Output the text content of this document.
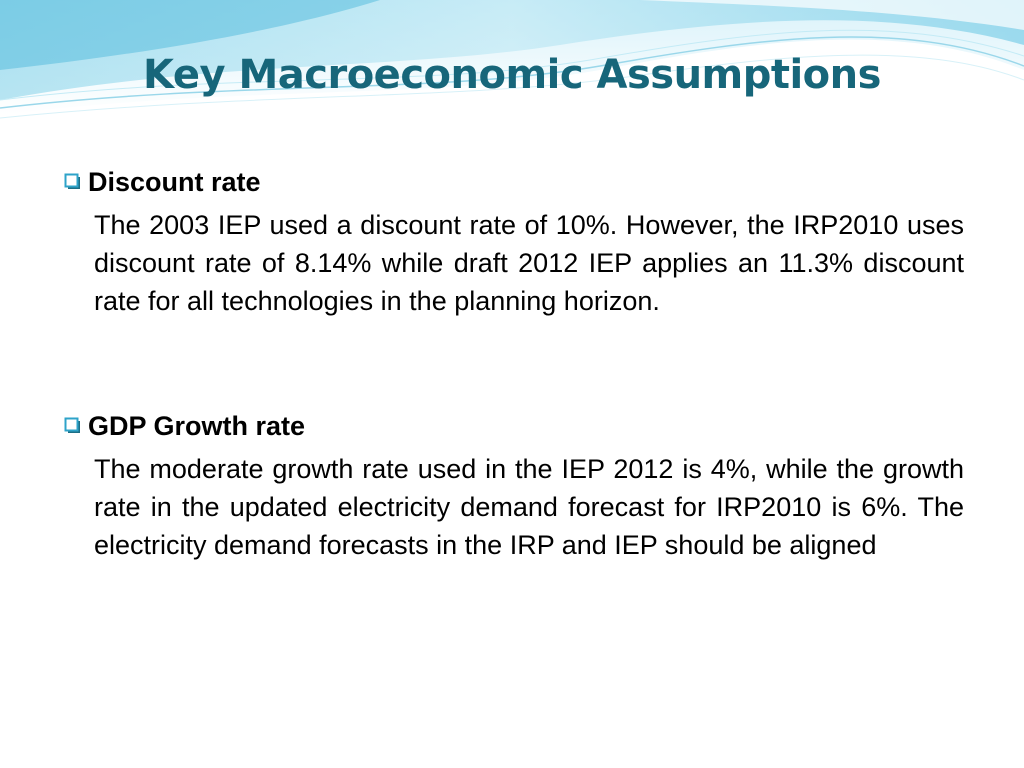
Key Macroeconomic Assumptions
Discount rate

The 2003 IEP used a discount rate of 10%. However, the IRP2010 uses discount rate of 8.14% while draft 2012 IEP applies an 11.3% discount rate for all technologies in the planning horizon.

GDP Growth rate

The moderate growth rate used in the IEP 2012 is 4%, while the growth rate in the updated electricity demand forecast for IRP2010 is 6%. The electricity demand forecasts in the IRP and IEP should be aligned
